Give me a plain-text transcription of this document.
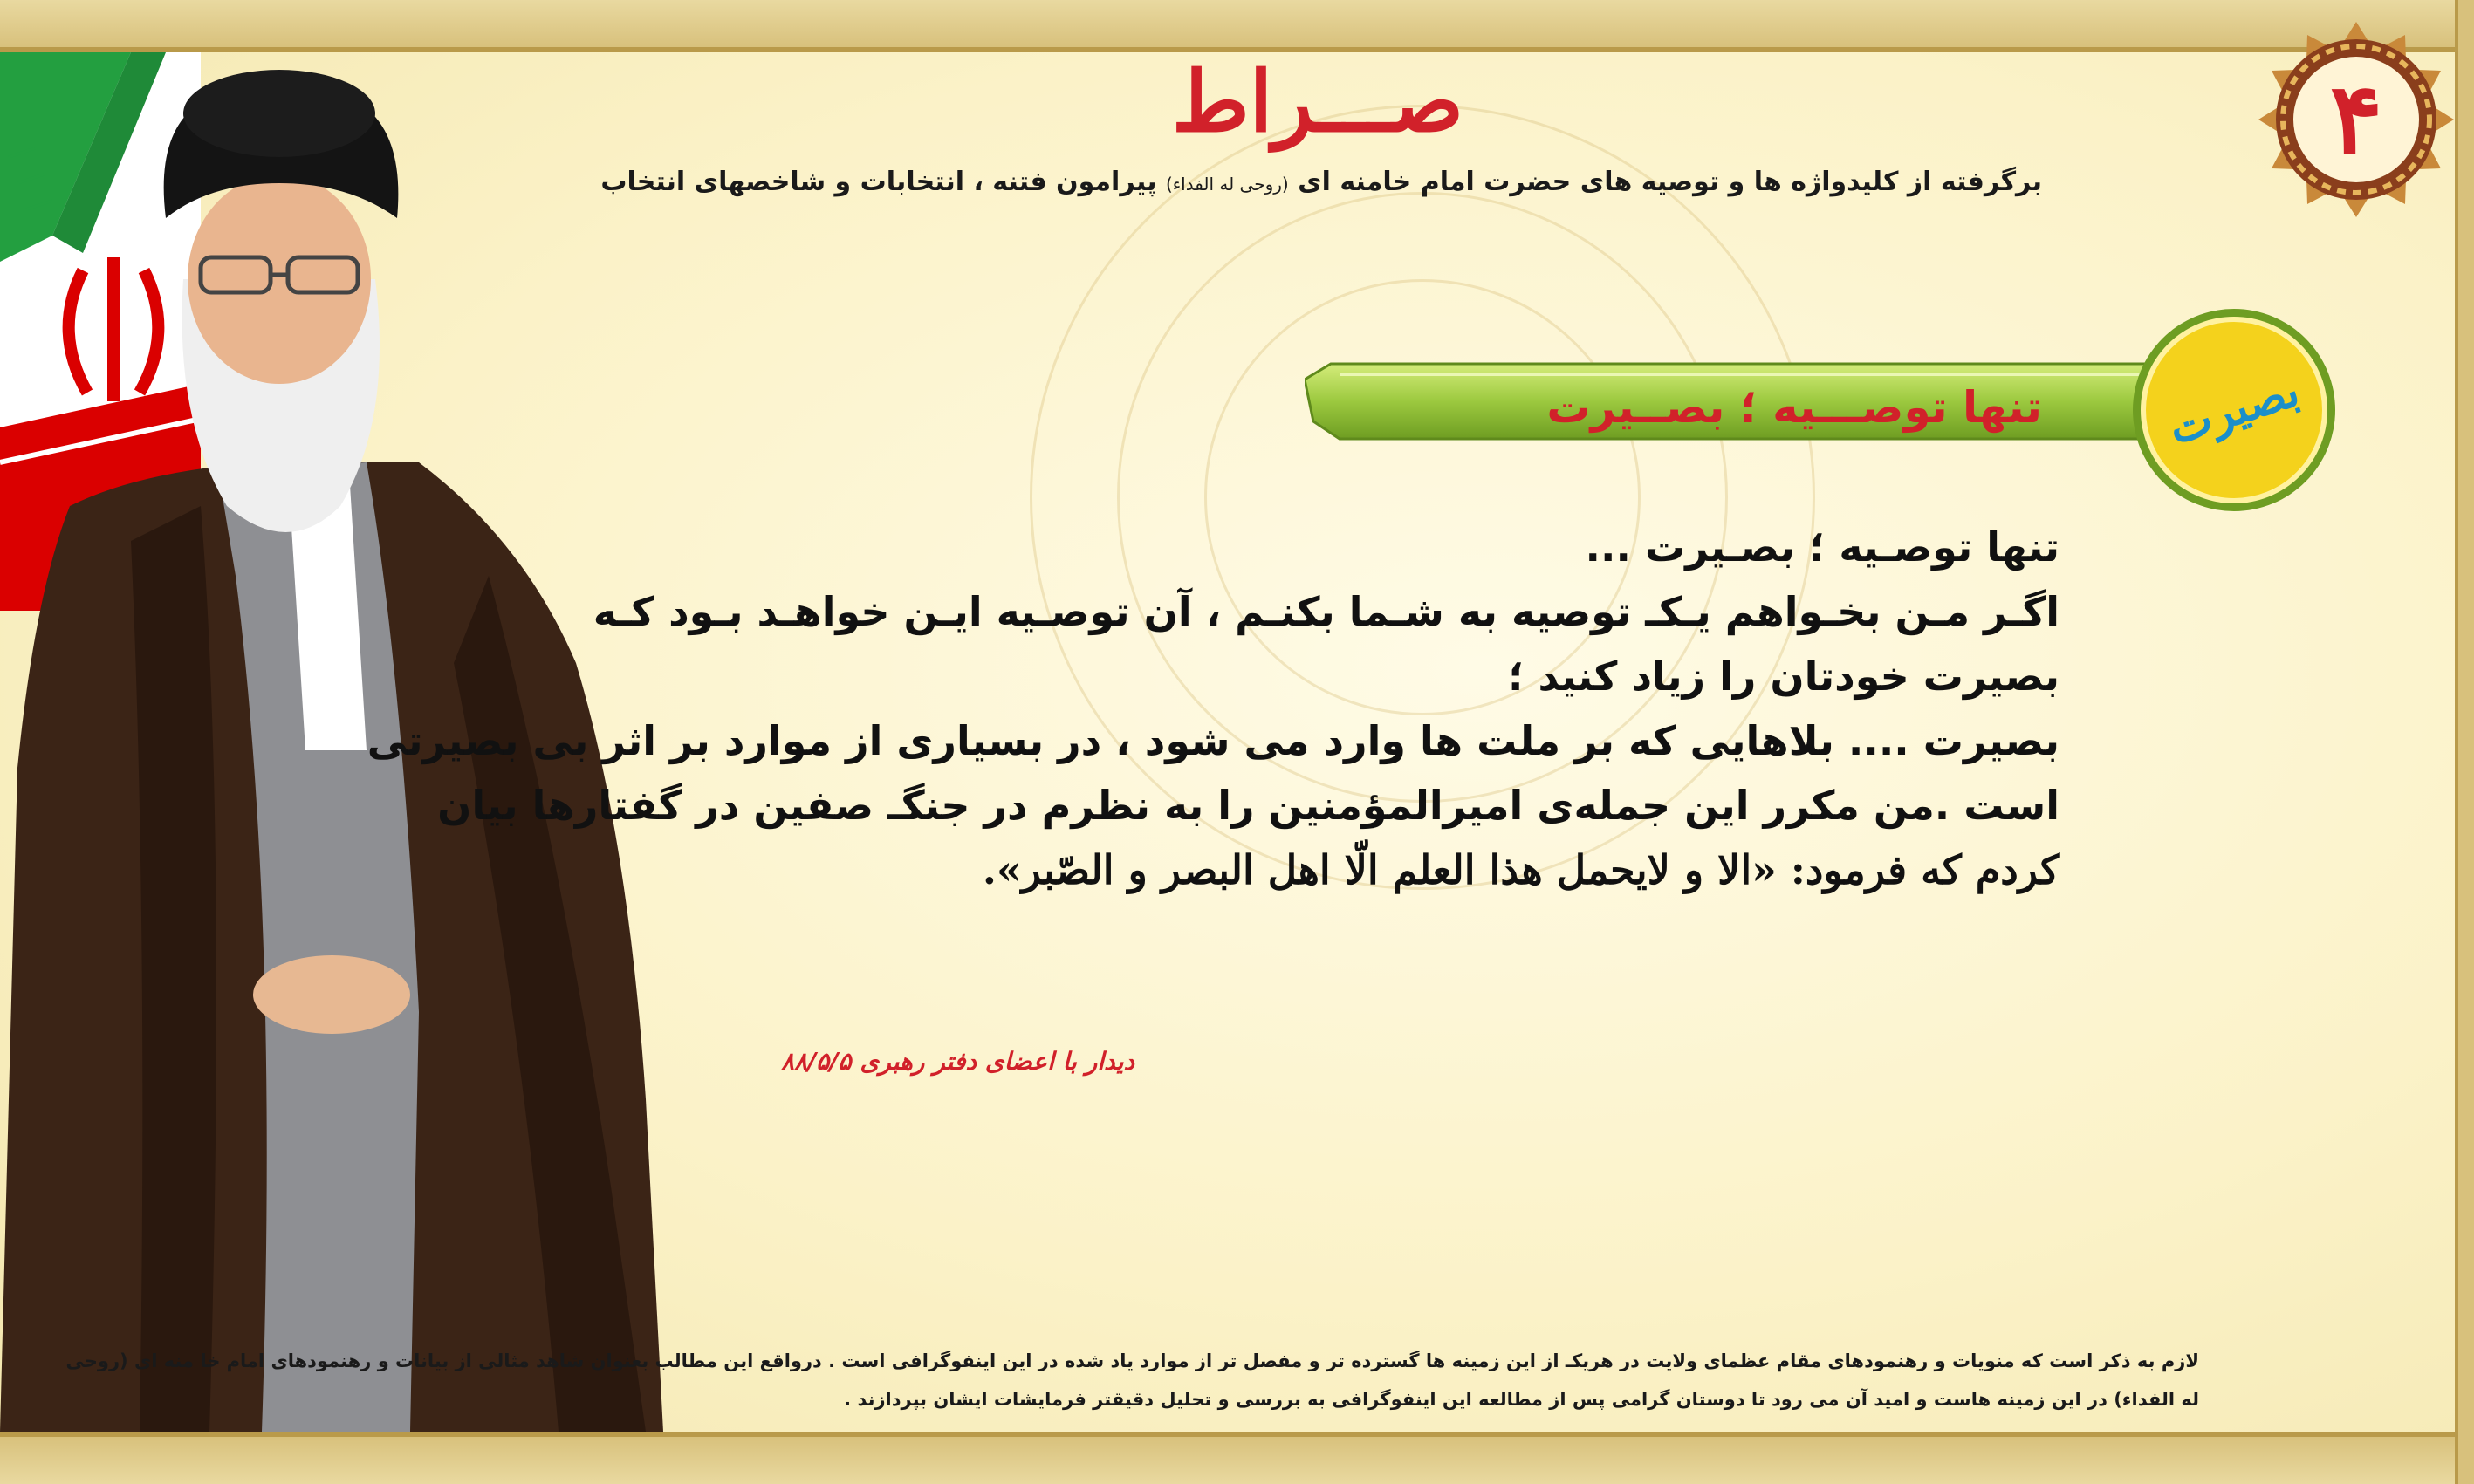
صـــراط
برگرفته از کلیدواژه ها و توصیه های حضرت امام خامنه ای (روحی له الفداء) پیرامون فتنه ، انتخابات و شاخصهای انتخاب
۴
تنها توصـــیه ؛ بصــیرت	بصیرت
تنها توصـیه ؛ بصـیرت ...
اگـر مـن بخـواهم یـکـ توصیه به شـما بکنـم ، آن توصـیه ایـن خواهـد بـود کـه
بصیرت خودتان را زیاد کنید ؛
بصیرت .... بلاهایی که بر ملت ها وارد می شود ، در بسیاری از موارد بر اثر بی بصیرتی
است .من مکرر این جمله‌ی امیرالمؤمنین را به نظرم در جنگـ صفین در گفتارها بیان
کردم که فرمود: «الا و لایحمل هذا العلم الّا اهل البصر و الصّبر».
دیدار با اعضای دفتر رهبری ۸۸/۵/۵
لازم به ذکر است که منویات و رهنمودهای مقام عظمای ولایت در هریکـ از این زمینه ها گسترده تر و مفصل تر از موارد یاد شده در این اینفوگرافی است . درواقع این مطالب بعنوان شاهد مثالی از بیانات و رهنمودهای امام خا منه ای (روحی
له الفداء) در این زمینه هاست و امید آن می رود تا دوستان گرامی پس از مطالعه این اینفوگرافی به بررسی و تحلیل دقیقتر فرمایشات ایشان بپردازند .
